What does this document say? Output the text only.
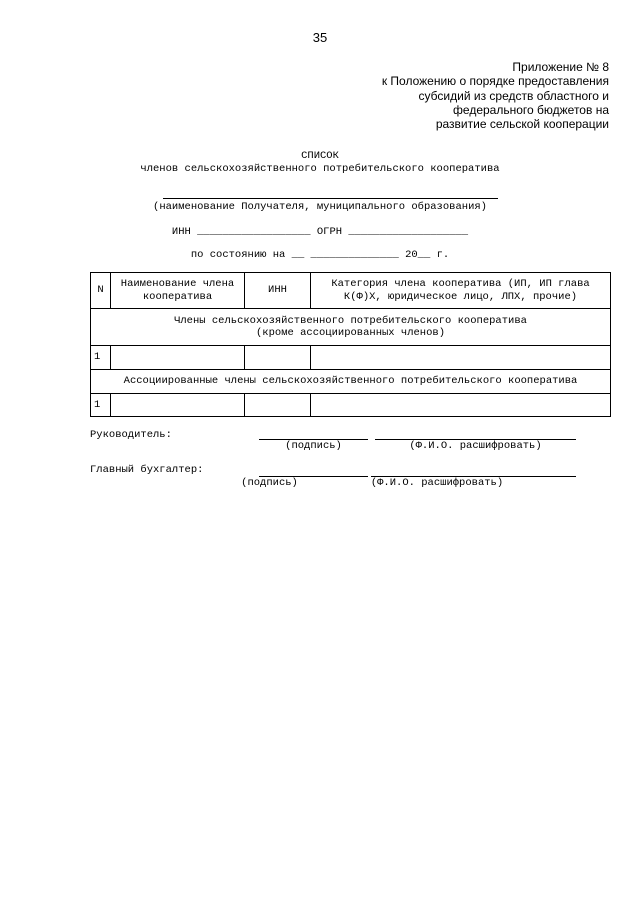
35
Приложение № 8
к Положению о порядке предоставления
субсидий из средств областного и
федерального бюджетов на
развитие сельской кооперации
СПИСОК
членов сельскохозяйственного потребительского кооператива
(наименование Получателя, муниципального образования)
ИНН __________________ ОГРН ___________________
по состоянию на __ ______________ 20__ г.
N	Наименование члена кооператива	ИНН	Категория члена кооператива (ИП, ИП глава К(Ф)Х, юридическое лицо, ЛПХ, прочие)

Члены сельскохозяйственного потребительского кооператива
(кроме ассоциированных членов)			

1			
Ассоциированные члены сельскохозяйственного потребительского кооператива			
1			
Руководитель:
(подпись)	(Ф.И.О. расшифровать)
Главный бухгалтер:
(подпись)	(Ф.И.О. расшифровать)
